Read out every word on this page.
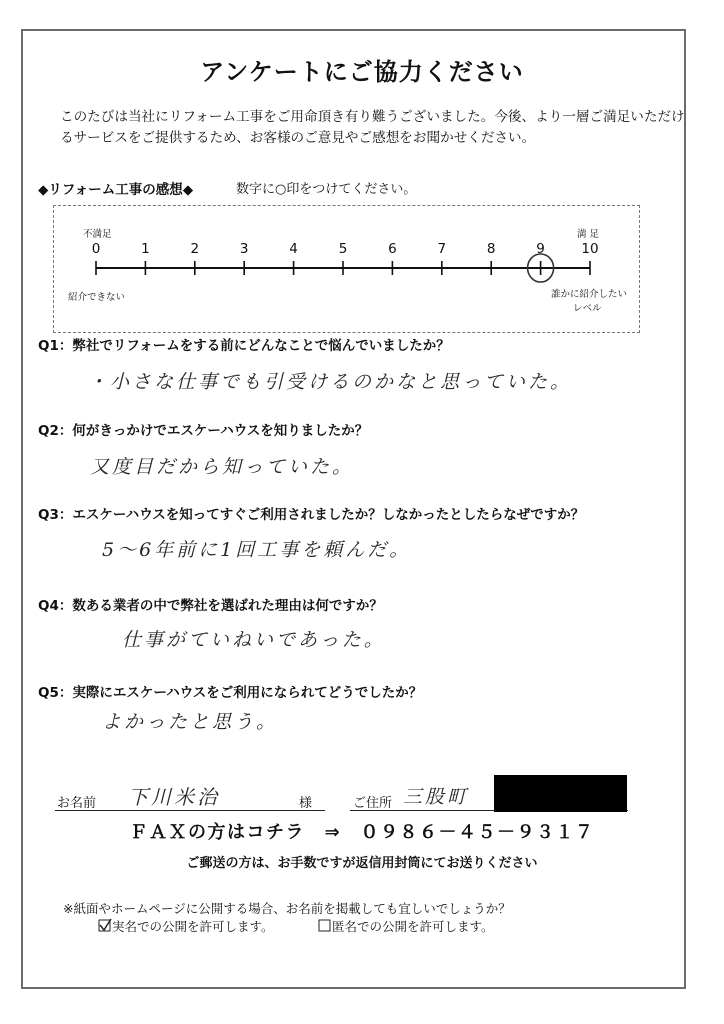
アンケートにご協力ください
このたびは当社にリフォーム工事をご用命頂き有り難うございました。今後、より一層ご満足いただけるサービスをご提供するため、お客様のご意見やご感想をお聞かせください。
◆リフォーム工事の感想◆	数字に○印をつけてください。
不満足	満 足
0	1	2	3	4	5	6	7	8	9	10
紹介できない	誰かに紹介したい
レベル
Q1：弊社でリフォームをする前にどんなことで悩んでいましたか？
・小さな仕事でも引受けるのかなと思っていた。
Q2：何がきっかけでエスケーハウスを知りましたか？
又度目だから知っていた。
Q3：エスケーハウスを知ってすぐご利用されましたか？しなかったとしたらなぜですか？
5～6年前に1回工事を頼んだ。
Q4：数ある業者の中で弊社を選ばれた理由は何ですか？
仕事がていねいであった。
Q5：実際にエスケーハウスをご利用になられてどうでしたか？
よかったと思う。
お名前 下川米治	様	ご住所 三股町
ＦＡＸの方はコチラ　⇒　０９８６－４５－９３１７
ご郵送の方は、お手数ですが返信用封筒にてお送りください
※紙面やホームページに公開する場合、お名前を掲載しても宜しいでしょうか？
実名での公開を許可します。	匿名での公開を許可します。
